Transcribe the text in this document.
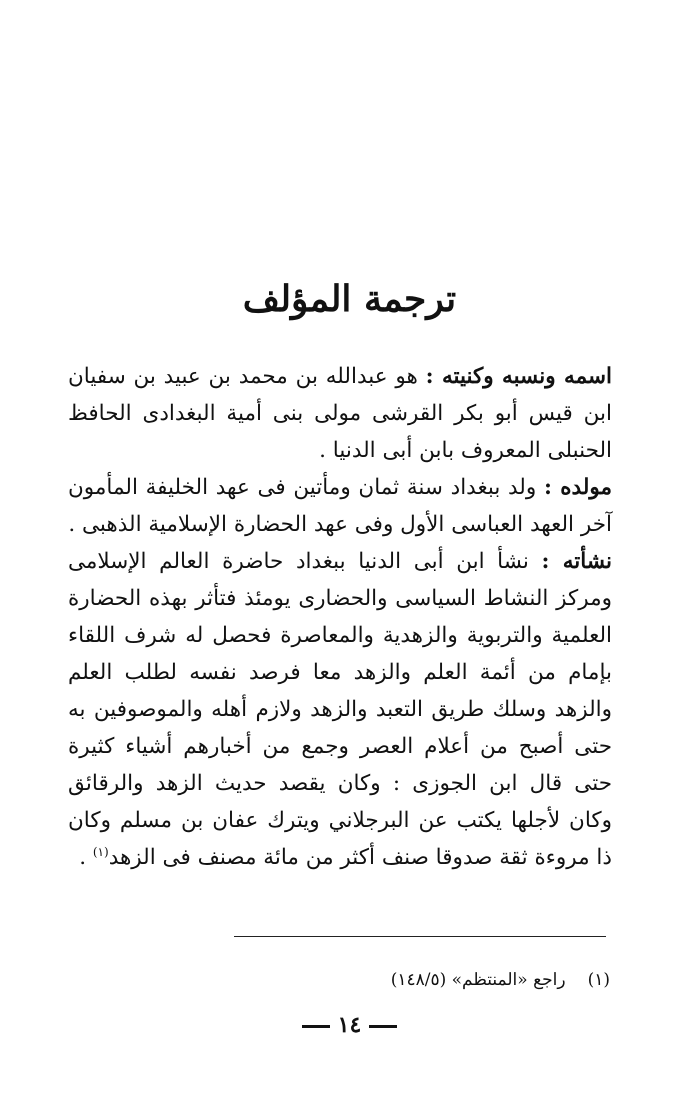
ترجمة المؤلف

اسمه ونسبه وكنيته : هو عبدالله بن محمد بن عبيد بن سفيان ابن قيس أبو بكر القرشى مولى بنى أمية البغدادى الحافظ الحنبلى المعروف بابن أبى الدنيا .

مولده : ولد ببغداد سنة ثمان ومأتين فى عهد الخليفة المأمون آخر العهد العباسى الأول وفى عهد الحضارة الإسلامية الذهبى .

نشأته : نشأ ابن أبى الدنيا ببغداد حاضرة العالم الإسلامى ومركز النشاط السياسى والحضارى يومئذ فتأثر بهذه الحضارة العلمية والتربوية والزهدية والمعاصرة فحصل له شرف اللقاء بإمام من أئمة العلم والزهد معا فرصد نفسه لطلب العلم والزهد وسلك طريق التعبد والزهد ولازم أهله والموصوفين به حتى أصبح من أعلام العصر وجمع من أخبارهم أشياء كثيرة حتى قال ابن الجوزى : وكان يقصد حديث الزهد والرقائق وكان لأجلها يكتب عن البرجلاني ويترك عفان بن مسلم وكان ذا مروءة ثقة صدوقا صنف أكثر من مائة مصنف فى الزهد$^{(١)}$ .

(١)راجع «المنتظم» (١٤٨/٥)
١٤
